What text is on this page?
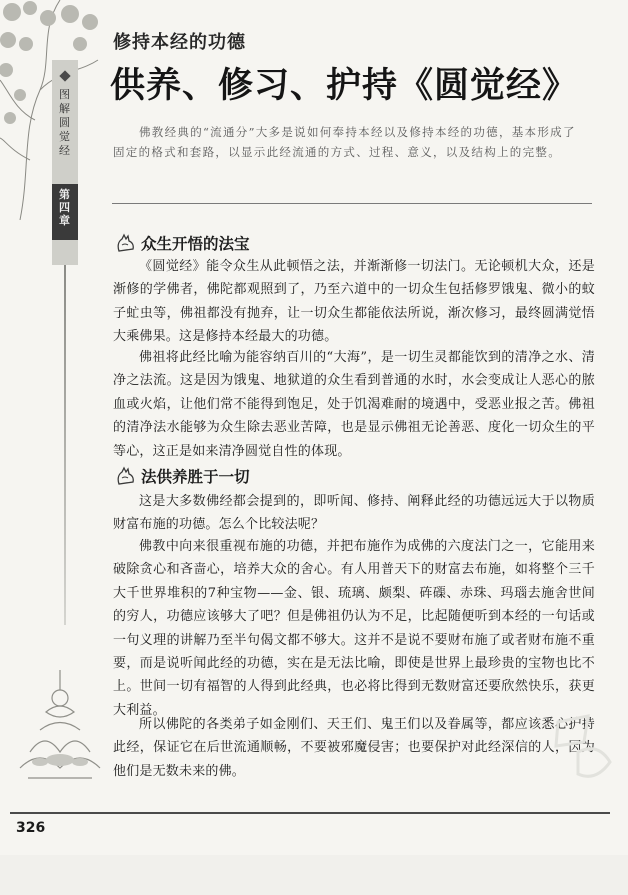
图解圆觉经
第四章
修持本经的功德
供养、修习、护持《圆觉经》
佛教经典的“流通分”大多是说如何奉持本经以及修持本经的功德，基本形成了固定的格式和套路，以显示此经流通的方式、过程、意义，以及结构上的完整。
众生开悟的法宝
《圆觉经》能令众生从此顿悟之法，并渐渐修一切法门。无论顿机大众，还是渐修的学佛者，佛陀都观照到了，乃至六道中的一切众生包括修罗饿鬼、微小的蚊子虻虫等，佛祖都没有抛弃，让一切众生都能依法所说，渐次修习，最终圆满觉悟大乘佛果。这是修持本经最大的功德。
佛祖将此经比喻为能容纳百川的“大海”，是一切生灵都能饮到的清净之水、清净之法流。这是因为饿鬼、地狱道的众生看到普通的水时，水会变成让人恶心的脓血或火焰，让他们常不能得到饱足，处于饥渴难耐的境遇中，受恶业报之苦。佛祖的清净法水能够为众生除去恶业苦障，也是显示佛祖无论善恶、度化一切众生的平等心，这正是如来清净圆觉自性的体现。
法供养胜于一切
这是大多数佛经都会提到的，即听闻、修持、阐释此经的功德远远大于以物质财富布施的功德。怎么个比较法呢？
佛教中向来很重视布施的功德，并把布施作为成佛的六度法门之一，它能用来破除贪心和吝啬心，培养大众的舍心。有人用普天下的财富去布施，如将整个三千大千世界堆积的7种宝物——金、银、琉璃、颇梨、砗磲、赤珠、玛瑙去施舍世间的穷人，功德应该够大了吧？但是佛祖仍认为不足，比起随便听到本经的一句话或一句义理的讲解乃至半句偈文都不够大。这并不是说不要财布施了或者财布施不重要，而是说听闻此经的功德，实在是无法比喻，即使是世界上最珍贵的宝物也比不上。世间一切有福智的人得到此经典，也必将比得到无数财富还要欣然快乐，获更大利益。
所以佛陀的各类弟子如金刚们、天王们、鬼王们以及眷属等，都应该悉心护持此经，保证它在后世流通顺畅，不要被邪魔侵害；也要保护对此经深信的人，因为他们是无数未来的佛。
326
